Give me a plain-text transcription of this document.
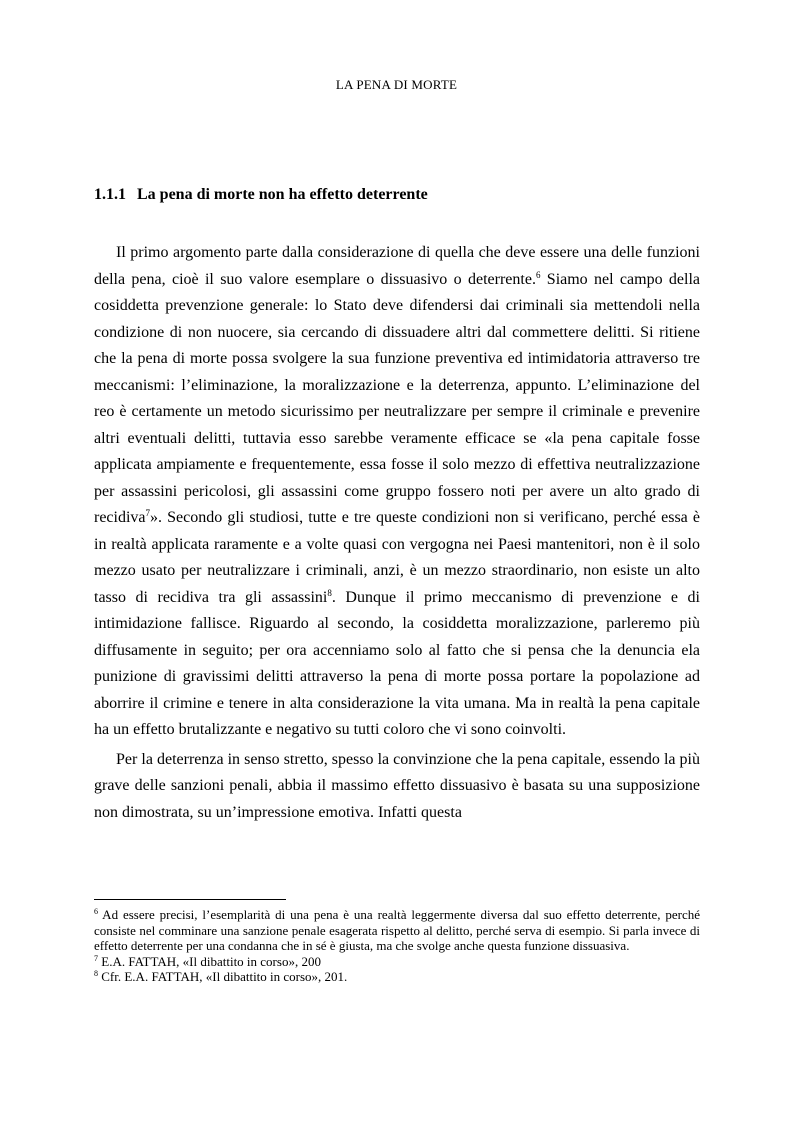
LA PENA DI MORTE
1.1.1 La pena di morte non ha effetto deterrente

Il primo argomento parte dalla considerazione di quella che deve essere una delle funzioni della pena, cioè il suo valore esemplare o dissuasivo o deterrente.$^6$ Siamo nel campo della cosiddetta prevenzione generale: lo Stato deve difendersi dai criminali sia mettendoli nella condizione di non nuocere, sia cercando di dissuadere altri dal commettere delitti. Si ritiene che la pena di morte possa svolgere la sua funzione preventiva ed intimidatoria attraverso tre meccanismi: l’eliminazione, la moralizzazione e la deterrenza, appunto. L’eliminazione del reo è certamente un metodo sicurissimo per neutralizzare per sempre il criminale e prevenire altri eventuali delitti, tuttavia esso sarebbe veramente efficace se «la pena capitale fosse applicata ampiamente e frequentemente, essa fosse il solo mezzo di effettiva neutralizzazione per assassini pericolosi, gli assassini come gruppo fossero noti per avere un alto grado di recidiva$^7$». Secondo gli studiosi, tutte e tre queste condizioni non si verificano, perché essa è in realtà applicata raramente e a volte quasi con vergogna nei Paesi mantenitori, non è il solo mezzo usato per neutralizzare i criminali, anzi, è un mezzo straordinario, non esiste un alto tasso di recidiva tra gli assassini$^8$. Dunque il primo meccanismo di prevenzione e di intimidazione fallisce. Riguardo al secondo, la cosiddetta moralizzazione, parleremo più diffusamente in seguito; per ora accenniamo solo al fatto che si pensa che la denuncia ela punizione di gravissimi delitti attraverso la pena di morte possa portare la popolazione ad aborrire il crimine e tenere in alta considerazione la vita umana. Ma in realtà la pena capitale ha un effetto brutalizzante e negativo su tutti coloro che vi sono coinvolti.

Per la deterrenza in senso stretto, spesso la convinzione che la pena capitale, essendo la più grave delle sanzioni penali, abbia il massimo effetto dissuasivo è basata su una supposizione non dimostrata, su un’impressione emotiva. Infatti questa

$^6$ Ad essere precisi, l’esemplarità di una pena è una realtà leggermente diversa dal suo effetto deterrente, perché consiste nel comminare una sanzione penale esagerata rispetto al delitto, perché serva di esempio. Si parla invece di effetto deterrente per una condanna che in sé è giusta, ma che svolge anche questa funzione dissuasiva.

$^7$ E.A. FATTAH, «Il dibattito in corso», 200

$^8$ Cfr. E.A. FATTAH, «Il dibattito in corso», 201.
